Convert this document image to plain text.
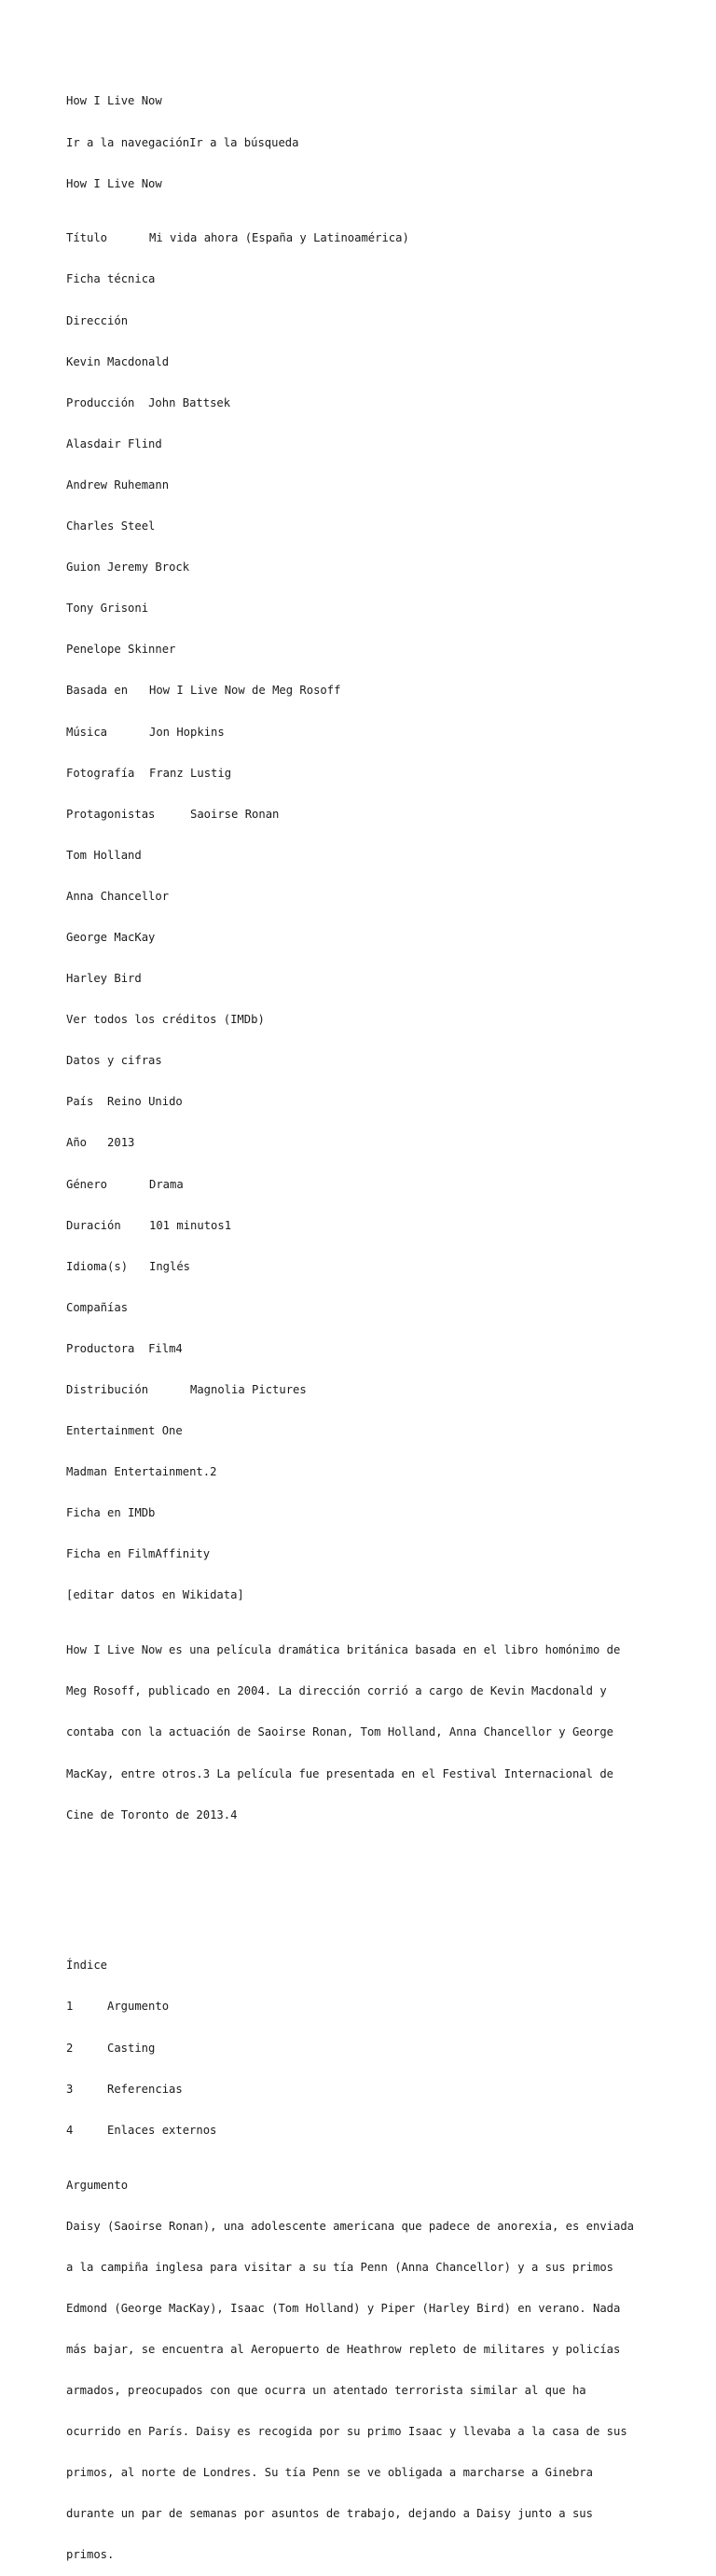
How I Live Now

Ir a la navegaciónIr a la búsqueda

How I Live Now

Título	Mi vida ahora (España y Latinoamérica)

Ficha técnica

Dirección

Kevin Macdonald

Producción John Battsek

Alasdair Flind

Andrew Ruhemann

Charles Steel

Guion Jeremy Brock

Tony Grisoni

Penelope Skinner

Basada en How I Live Now de Meg Rosoff

Música	Jon Hopkins

Fotografía Franz Lustig

Protagonistas	Saoirse Ronan

Tom Holland

Anna Chancellor

George MacKay

Harley Bird

Ver todos los créditos (IMDb)

Datos y cifras

País Reino Unido

Año 2013

Género	Drama

Duración 101 minutos1

Idioma(s) Inglés

Compañías

Productora Film4

Distribución	Magnolia Pictures

Entertainment One

Madman Entertainment.2

Ficha en IMDb

Ficha en FilmAffinity

[editar datos en Wikidata]

How I Live Now es una película dramática británica basada en el libro homónimo de

Meg Rosoff, publicado en 2004. La dirección corrió a cargo de Kevin Macdonald y

contaba con la actuación de Saoirse Ronan, Tom Holland, Anna Chancellor y George

MacKay, entre otros.3 La película fue presentada en el Festival Internacional de

Cine de Toronto de 2013.4

Índice

1	Argumento

2	Casting

3	Referencias

4	Enlaces externos

Argumento

Daisy (Saoirse Ronan), una adolescente americana que padece de anorexia, es enviada

a la campiña inglesa para visitar a su tía Penn (Anna Chancellor) y a sus primos

Edmond (George MacKay), Isaac (Tom Holland) y Piper (Harley Bird) en verano. Nada

más bajar, se encuentra al Aeropuerto de Heathrow repleto de militares y policías

armados, preocupados con que ocurra un atentado terrorista similar al que ha

ocurrido en París. Daisy es recogida por su primo Isaac y llevaba a la casa de sus

primos, al norte de Londres. Su tía Penn se ve obligada a marcharse a Ginebra

durante un par de semanas por asuntos de trabajo, dejando a Daisy junto a sus

primos.
